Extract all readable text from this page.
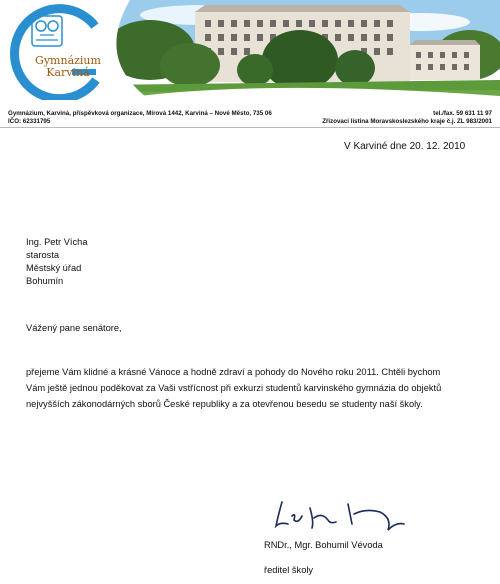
Gymnázium
Karviná
Gymnázium, Karviná, příspěvková organizace, Mírová 1442, Karviná – Nové Město, 735 06
IČO: 62331795
tel./fax. 59 631 11 97
Zřizovací listina Moravskoslezského kraje č.j. ZL 983/2001
V Karviné dne 20. 12. 2010
Ing. Petr Vícha
starosta
Městský úřad
Bohumín
Vážený pane senátore,
přejeme Vám klidné a krásné Vánoce a hodně zdraví a pohody do Nového roku 2011. Chtěli bychom
Vám ještě jednou poděkovat za Vaši vstřícnost při exkurzi studentů karvinského gymnázia do objektů
nejvyšších zákonodárných sborů České republiky a za otevřenou besedu se studenty naší školy.
RNDr., Mgr. Bohumil Vévoda
ředitel školy
